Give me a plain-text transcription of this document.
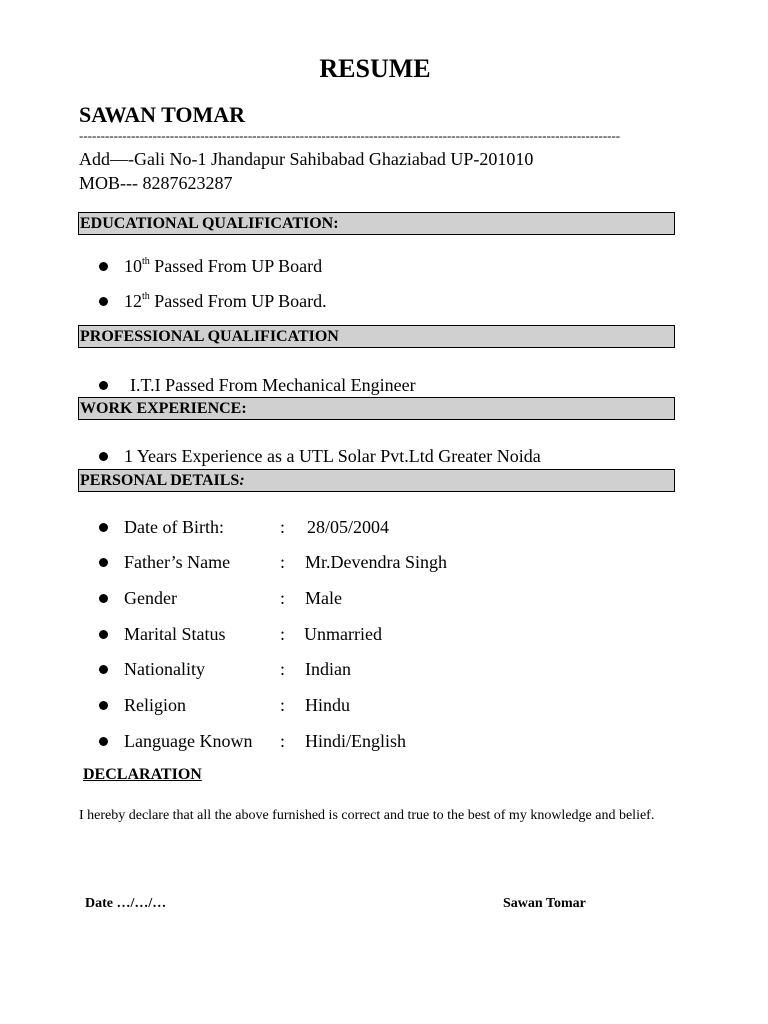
RESUME
SAWAN TOMAR
-----------------------------------------------------------------------------------------------------------------------------
Add—-Gali No-1 Jhandapur Sahibabad Ghaziabad UP-201010
MOB--- 8287623287
EDUCATIONAL QUALIFICATION:
10th Passed From UP Board
12th Passed From UP Board.
PROFESSIONAL QUALIFICATION
I.T.I Passed From Mechanical Engineer
WORK EXPERIENCE:
1 Years Experience as a UTL Solar Pvt.Ltd Greater Noida
PERSONAL DETAILS:
Date of Birth:	: 28/05/2004
Father’s Name	: Mr.Devendra Singh
Gender	: Male
Marital Status	: Unmarried
Nationality	: Indian
Religion	: Hindu
Language Known : Hindi/English
DECLARATION
I hereby declare that all the above furnished is correct and true to the best of my knowledge and belief.
Date …/…/…	Sawan Tomar
